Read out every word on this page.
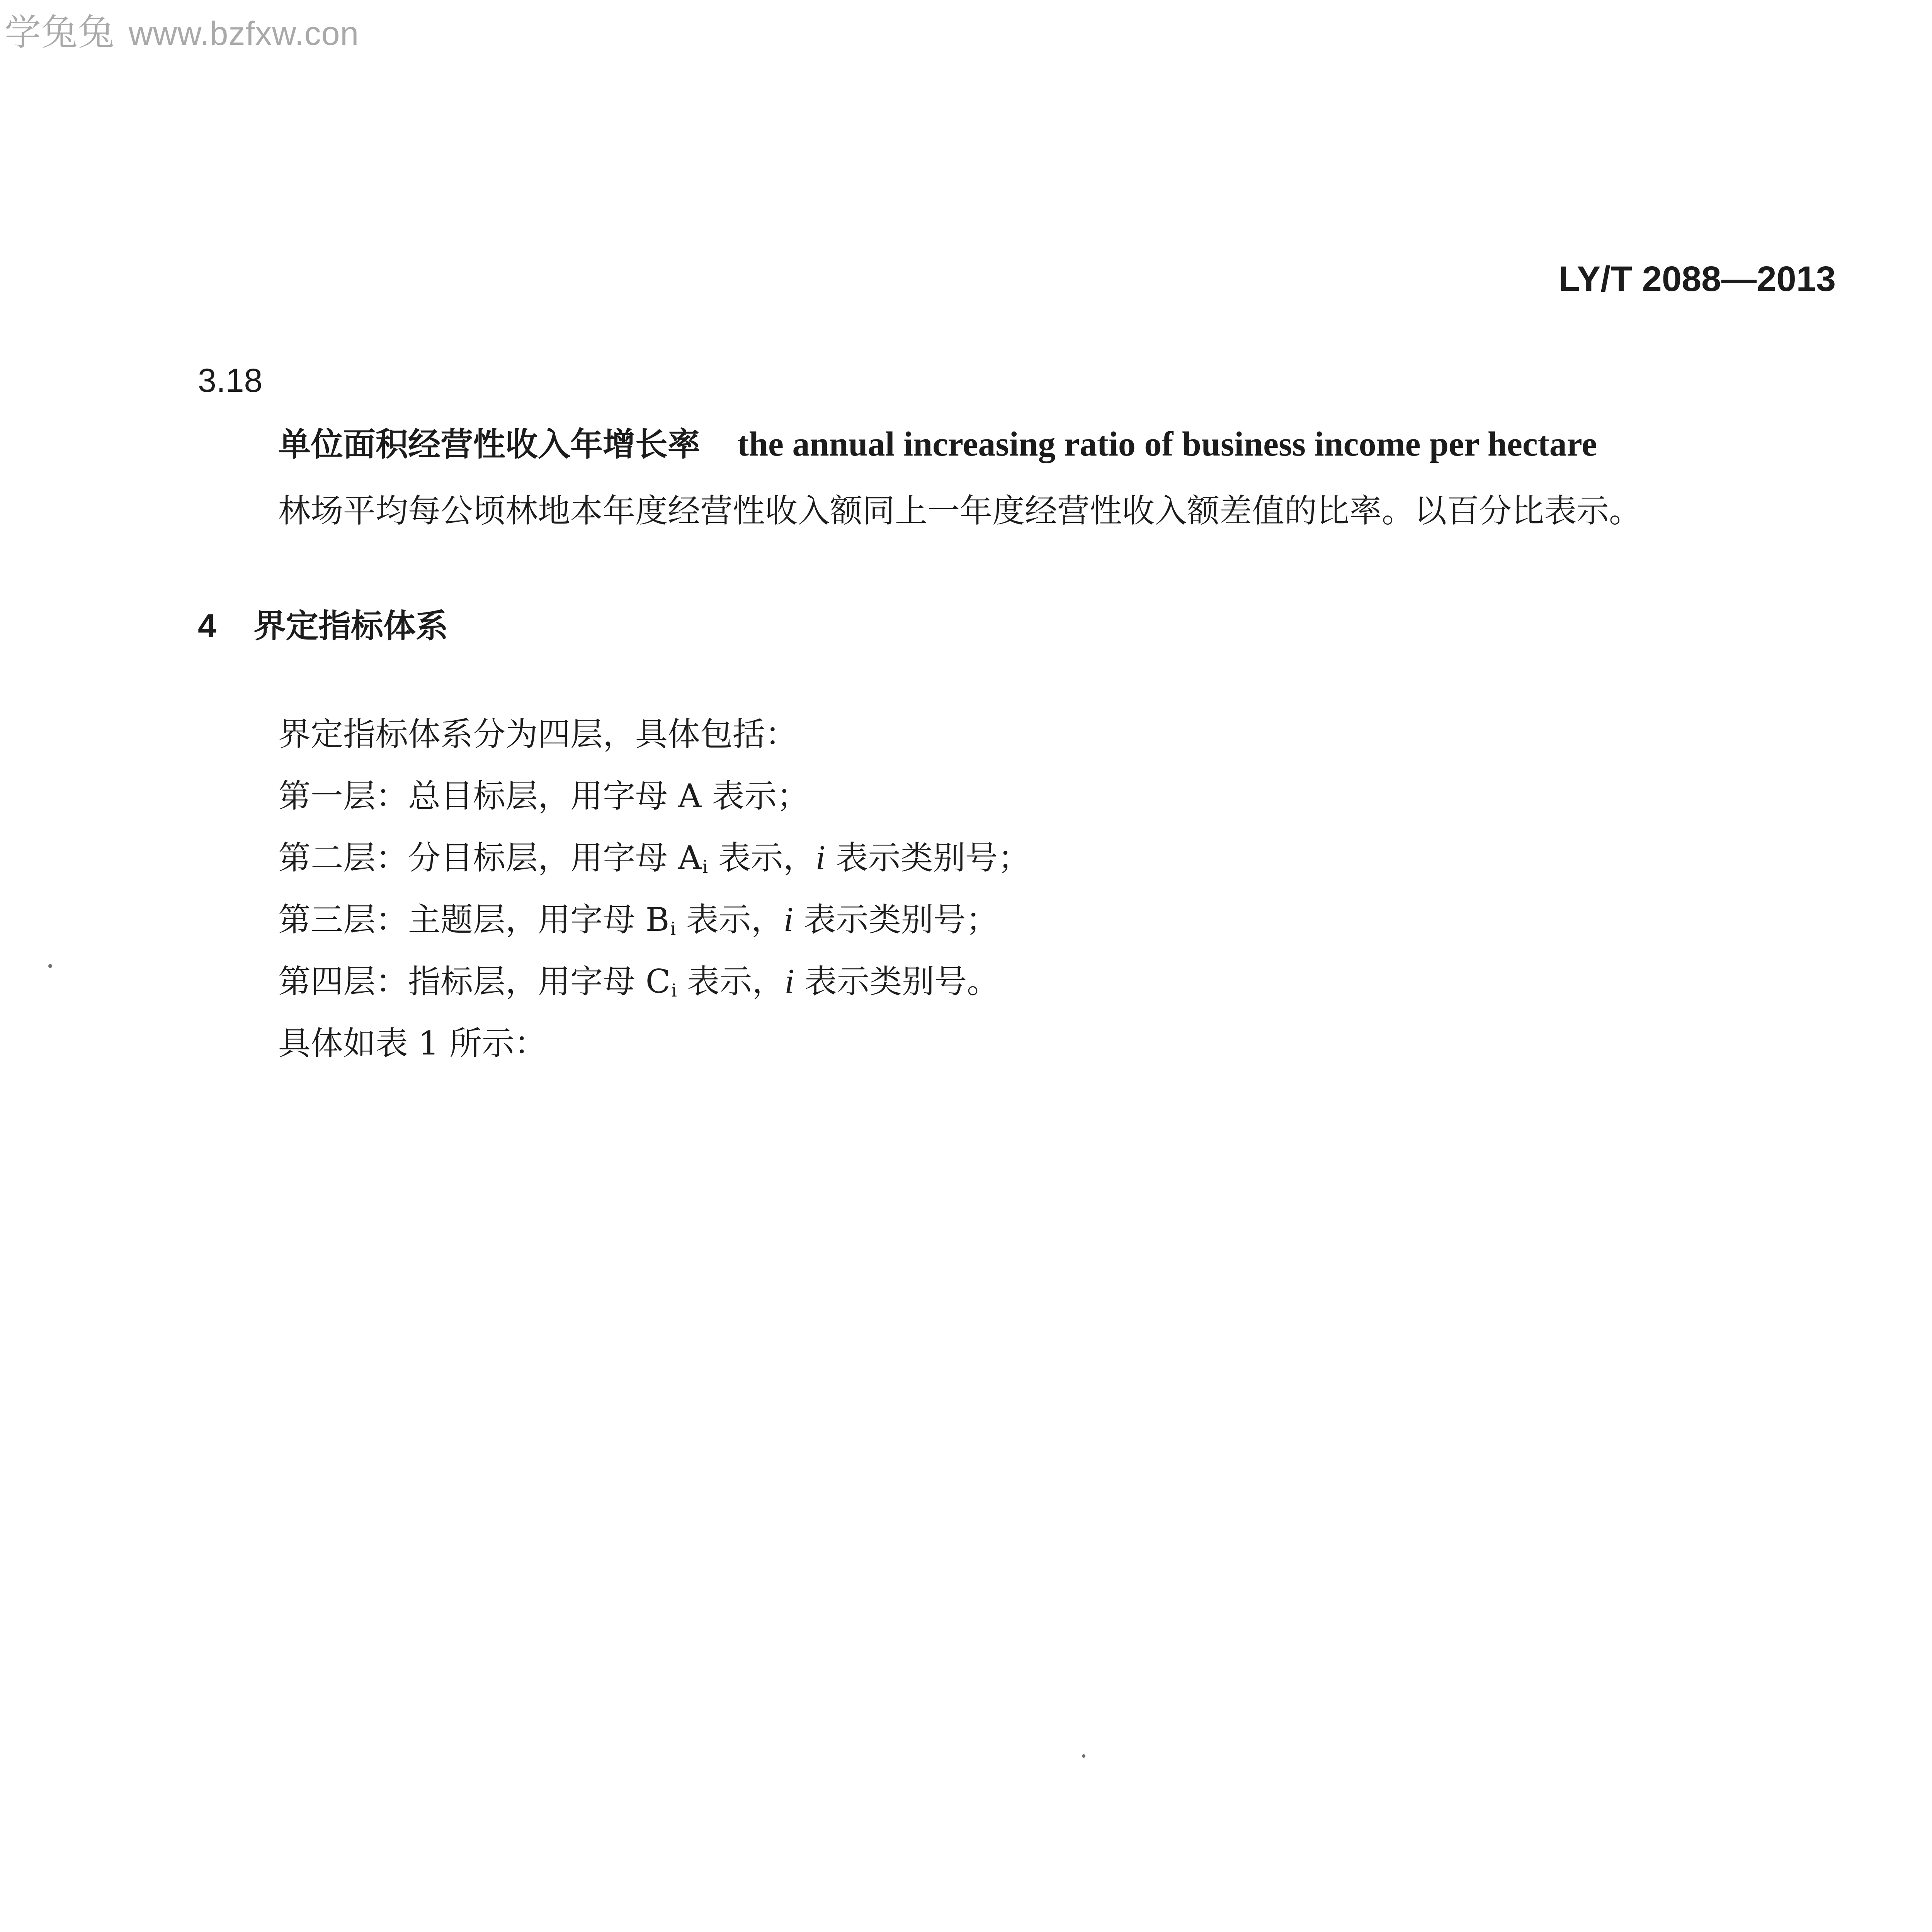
学兔兔 www.bzfxw.con
LY/T 2088—2013
3.18
单位面积经营性收入年增长率 the annual increasing ratio of business income per hectare
林场平均每公顷林地本年度经营性收入额同上一年度经营性收入额差值的比率。以百分比表示。
4 界定指标体系
界定指标体系分为四层，具体包括：
第一层：总目标层，用字母 A 表示；
第二层：分目标层，用字母 $A_i$ 表示，i 表示类别号；
第三层：主题层，用字母 $B_i$ 表示，i 表示类别号；
第四层：指标层，用字母 $C_i$ 表示，i 表示类别号。
具体如表 1 所示：
